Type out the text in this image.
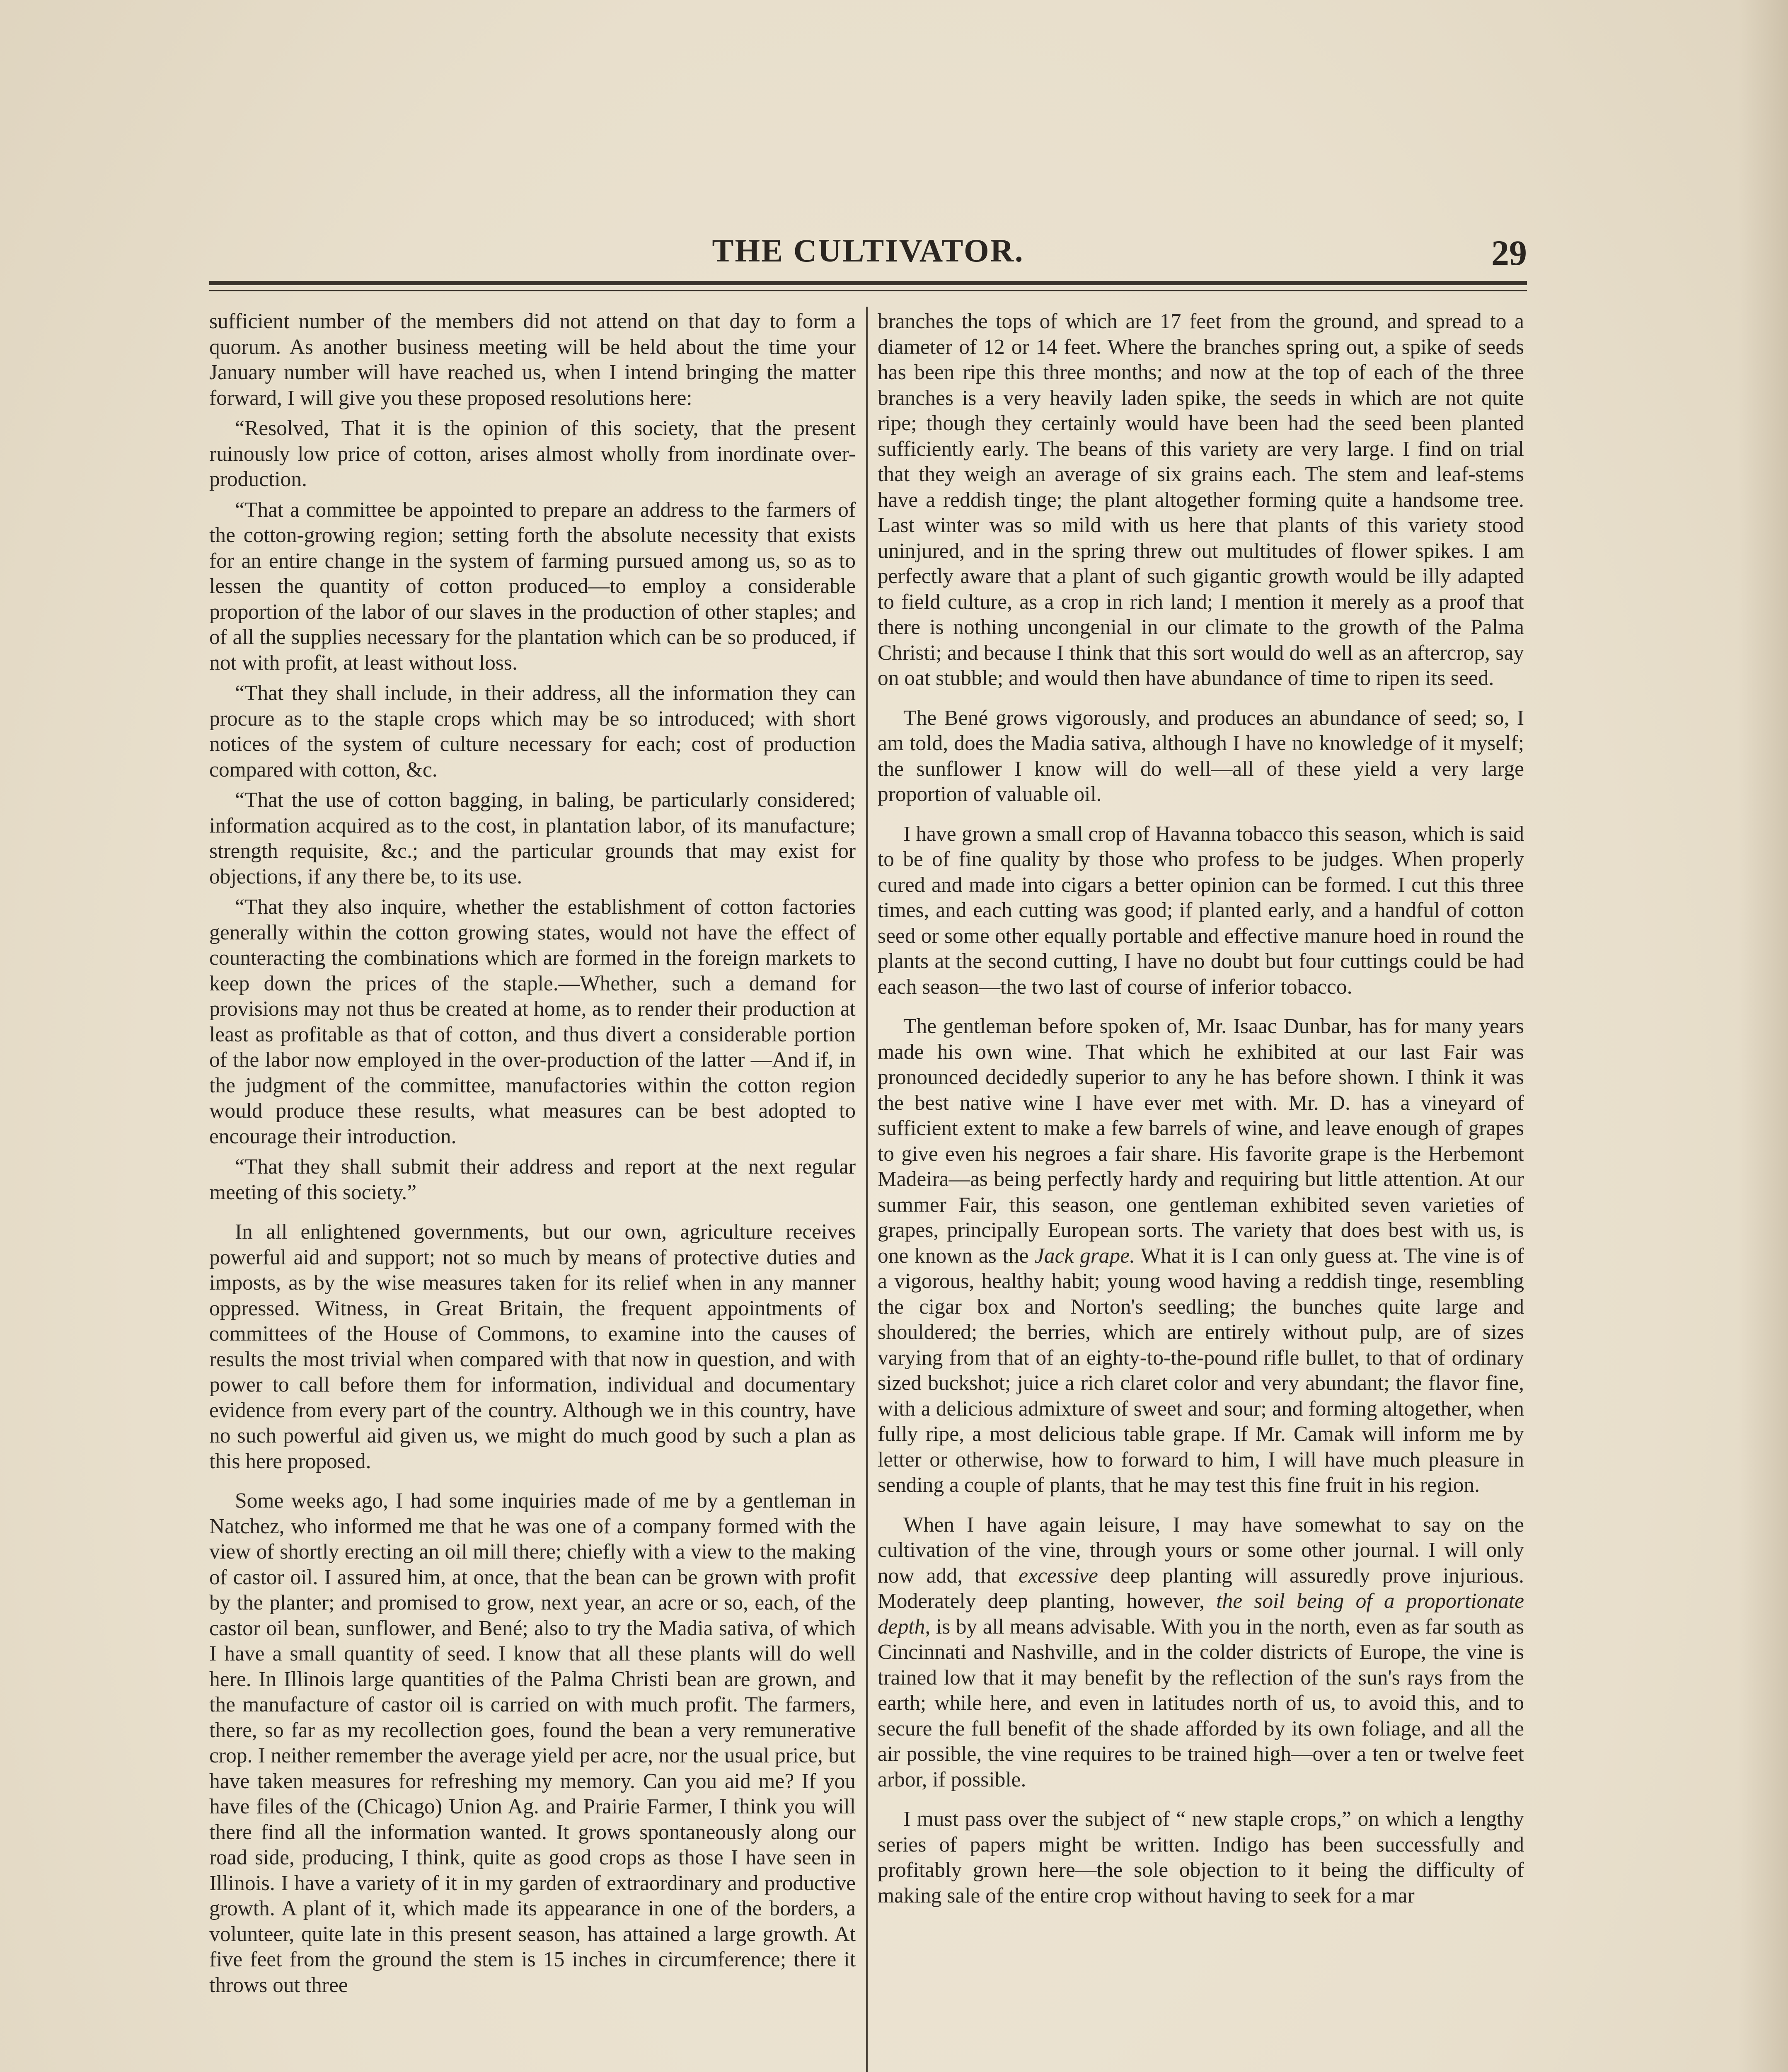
THE CULTIVATOR.	29

sufficient number of the members did not attend on that day to form a quorum. As another business meeting will be held about the time your January number will have reached us, when I intend bringing the matter forward, I will give you these proposed resolutions here:

“Resolved, That it is the opinion of this society, that the present ruinously low price of cotton, arises almost wholly from inordinate over-production.

“That a committee be appointed to prepare an address to the farmers of the cotton-growing region; setting forth the absolute necessity that exists for an entire change in the system of farming pursued among us, so as to lessen the quantity of cotton produced—to employ a considerable proportion of the labor of our slaves in the production of other staples; and of all the supplies necessary for the plantation which can be so produced, if not with profit, at least without loss.

“That they shall include, in their address, all the information they can procure as to the staple crops which may be so introduced; with short notices of the system of culture necessary for each; cost of production compared with cotton, &c.

“That the use of cotton bagging, in baling, be particularly considered; information acquired as to the cost, in plantation labor, of its manufacture; strength requisite, &c.; and the particular grounds that may exist for objections, if any there be, to its use.

“That they also inquire, whether the establishment of cotton factories generally within the cotton growing states, would not have the effect of counteracting the combinations which are formed in the foreign markets to keep down the prices of the staple.—Whether, such a demand for provisions may not thus be created at home, as to render their production at least as profitable as that of cotton, and thus divert a considerable portion of the labor now employed in the over-production of the latter —And if, in the judgment of the committee, manufactories within the cotton region would produce these results, what measures can be best adopted to encourage their introduction.

“That they shall submit their address and report at the next regular meeting of this society.”

In all enlightened governments, but our own, agriculture receives powerful aid and support; not so much by means of protective duties and imposts, as by the wise measures taken for its relief when in any manner oppressed. Witness, in Great Britain, the frequent appointments of committees of the House of Commons, to examine into the causes of results the most trivial when compared with that now in question, and with power to call before them for information, individual and documentary evidence from every part of the country. Although we in this country, have no such powerful aid given us, we might do much good by such a plan as this here proposed.

Some weeks ago, I had some inquiries made of me by a gentleman in Natchez, who informed me that he was one of a company formed with the view of shortly erecting an oil mill there; chiefly with a view to the making of castor oil. I assured him, at once, that the bean can be grown with profit by the planter; and promised to grow, next year, an acre or so, each, of the castor oil bean, sunflower, and Bené; also to try the Madia sativa, of which I have a small quantity of seed. I know that all these plants will do well here. In Illinois large quantities of the Palma Christi bean are grown, and the manufacture of castor oil is carried on with much profit. The farmers, there, so far as my recollection goes, found the bean a very remunerative crop. I neither remember the average yield per acre, nor the usual price, but have taken measures for refreshing my memory. Can you aid me? If you have files of the (Chicago) Union Ag. and Prairie Farmer, I think you will there find all the information wanted. It grows spontaneously along our road side, producing, I think, quite as good crops as those I have seen in Illinois. I have a variety of it in my garden of extraordinary and productive growth. A plant of it, which made its appearance in one of the borders, a volunteer, quite late in this present season, has attained a large growth. At five feet from the ground the stem is 15 inches in circumference; there it throws out three

branches the tops of which are 17 feet from the ground, and spread to a diameter of 12 or 14 feet. Where the branches spring out, a spike of seeds has been ripe this three months; and now at the top of each of the three branches is a very heavily laden spike, the seeds in which are not quite ripe; though they certainly would have been had the seed been planted sufficiently early. The beans of this variety are very large. I find on trial that they weigh an average of six grains each. The stem and leaf-stems have a reddish tinge; the plant altogether forming quite a handsome tree. Last winter was so mild with us here that plants of this variety stood uninjured, and in the spring threw out multitudes of flower spikes. I am perfectly aware that a plant of such gigantic growth would be illy adapted to field culture, as a crop in rich land; I mention it merely as a proof that there is nothing uncongenial in our climate to the growth of the Palma Christi; and because I think that this sort would do well as an aftercrop, say on oat stubble; and would then have abundance of time to ripen its seed.

The Bené grows vigorously, and produces an abundance of seed; so, I am told, does the Madia sativa, although I have no knowledge of it myself; the sunflower I know will do well—all of these yield a very large proportion of valuable oil.

I have grown a small crop of Havanna tobacco this season, which is said to be of fine quality by those who profess to be judges. When properly cured and made into cigars a better opinion can be formed. I cut this three times, and each cutting was good; if planted early, and a handful of cotton seed or some other equally portable and effective manure hoed in round the plants at the second cutting, I have no doubt but four cuttings could be had each season—the two last of course of inferior tobacco.

The gentleman before spoken of, Mr. Isaac Dunbar, has for many years made his own wine. That which he exhibited at our last Fair was pronounced decidedly superior to any he has before shown. I think it was the best native wine I have ever met with. Mr. D. has a vineyard of sufficient extent to make a few barrels of wine, and leave enough of grapes to give even his negroes a fair share. His favorite grape is the Herbemont Madeira—as being perfectly hardy and requiring but little attention. At our summer Fair, this season, one gentleman exhibited seven varieties of grapes, principally European sorts. The variety that does best with us, is one known as the Jack grape. What it is I can only guess at. The vine is of a vigorous, healthy habit; young wood having a reddish tinge, resembling the cigar box and Norton's seedling; the bunches quite large and shouldered; the berries, which are entirely without pulp, are of sizes varying from that of an eighty-to-the-pound rifle bullet, to that of ordinary sized buckshot; juice a rich claret color and very abundant; the flavor fine, with a delicious admixture of sweet and sour; and forming altogether, when fully ripe, a most delicious table grape. If Mr. Camak will inform me by letter or otherwise, how to forward to him, I will have much pleasure in sending a couple of plants, that he may test this fine fruit in his region.

When I have again leisure, I may have somewhat to say on the cultivation of the vine, through yours or some other journal. I will only now add, that excessive deep planting will assuredly prove injurious. Moderately deep planting, however, the soil being of a proportionate depth, is by all means advisable. With you in the north, even as far south as Cincinnati and Nashville, and in the colder districts of Europe, the vine is trained low that it may benefit by the reflection of the sun's rays from the earth; while here, and even in latitudes north of us, to avoid this, and to secure the full benefit of the shade afforded by its own foliage, and all the air possible, the vine requires to be trained high—over a ten or twelve feet arbor, if possible.

I must pass over the subject of “ new staple crops,” on which a lengthy series of papers might be written. Indigo has been successfully and profitably grown here—the sole objection to it being the difficulty of making sale of the entire crop without having to seek for a mar
